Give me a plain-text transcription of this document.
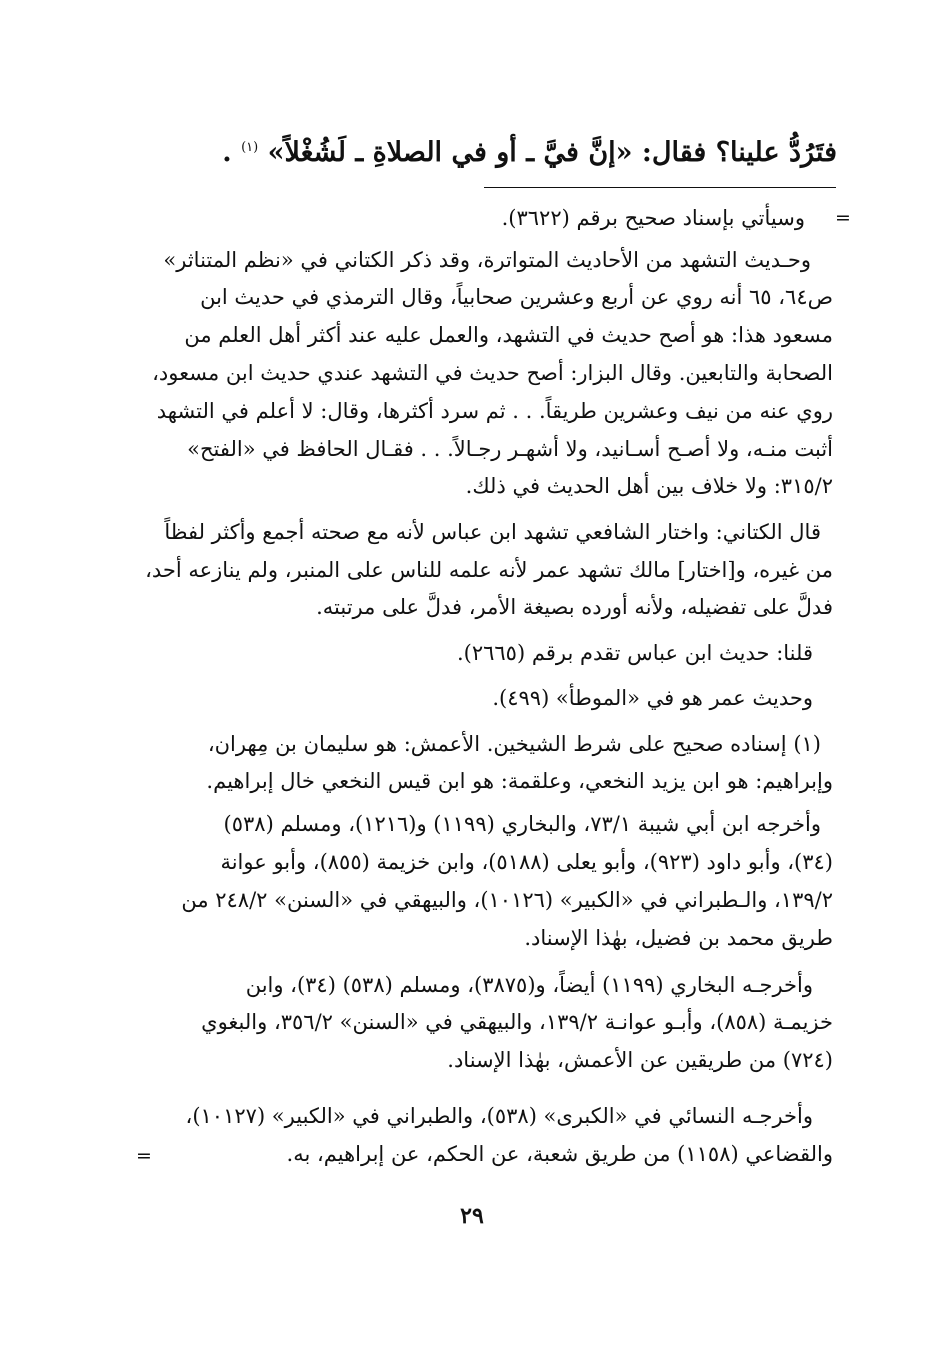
فتَرُدُّ علينا؟ فقال: «إنَّ فيَّ ـ أو في الصلاةِ ـ لَشُغْلاً» $^{(١)}$ .
=
وسيأتي بإسناد صحيح برقم (٣٦٢٢).
وحـديث التشهد من الأحاديث المتواترة، وقد ذكر الكتاني في «نظم المتناثر»
ص٦٤، ٦٥ أنه روي عن أربع وعشرين صحابياً، وقال الترمذي في حديث ابن
مسعود هذا: هو أصح حديث في التشهد، والعمل عليه عند أكثر أهل العلم من
الصحابة والتابعين. وقال البزار: أصح حديث في التشهد عندي حديث ابن مسعود،
روي عنه من نيف وعشرين طريقاً. . . ثم سرد أكثرها، وقال: لا أعلم في التشهد
أثبت منـه، ولا أصـح أسـانيد، ولا أشهـر رجـالاً. . . فقـال الحافظ في «الفتح»
٣١٥/٢: ولا خلاف بين أهل الحديث في ذلك.
قال الكتاني: واختار الشافعي تشهد ابن عباس لأنه مع صحته أجمع وأكثر لفظاً
من غيره، و[اختار] مالك تشهد عمر لأنه علمه للناس على المنبر، ولم ينازعه أحد،
فدلَّ على تفضيله، ولأنه أورده بصيغة الأمر، فدلَّ على مرتبته.
قلنا: حديث ابن عباس تقدم برقم (٢٦٦٥).
وحديث عمر هو في «الموطأ» (٤٩٩).
(١) إسناده صحيح على شرط الشيخين. الأعمش: هو سليمان بن مِهران،
وإبراهيم: هو ابن يزيد النخعي، وعلقمة: هو ابن قيس النخعي خال إبراهيم.
وأخرجه ابن أبي شيبة ٧٣/١، والبخاري (١١٩٩) و(١٢١٦)، ومسلم (٥٣٨)
(٣٤)، وأبو داود (٩٢٣)، وأبو يعلى (٥١٨٨)، وابن خزيمة (٨٥٥)، وأبو عوانة
١٣٩/٢، والـطبراني في «الكبير» (١٠١٢٦)، والبيهقي في «السنن» ٢٤٨/٢ من
طريق محمد بن فضيل، بهٰذا الإسناد.
وأخرجـه البخاري (١١٩٩) أيضاً، و(٣٨٧٥)، ومسلم (٥٣٨) (٣٤)، وابن
خزيمـة (٨٥٨)، وأبـو عوانـة ١٣٩/٢، والبيهقي في «السنن» ٣٥٦/٢، والبغوي
(٧٢٤) من طريقين عن الأعمش، بهٰذا الإسناد.
وأخرجـه النسائي في «الكبرى» (٥٣٨)، والطبراني في «الكبير» (١٠١٢٧)،
والقضاعي (١١٥٨) من طريق شعبة، عن الحكم، عن إبراهيم، به.
=
٢٩
